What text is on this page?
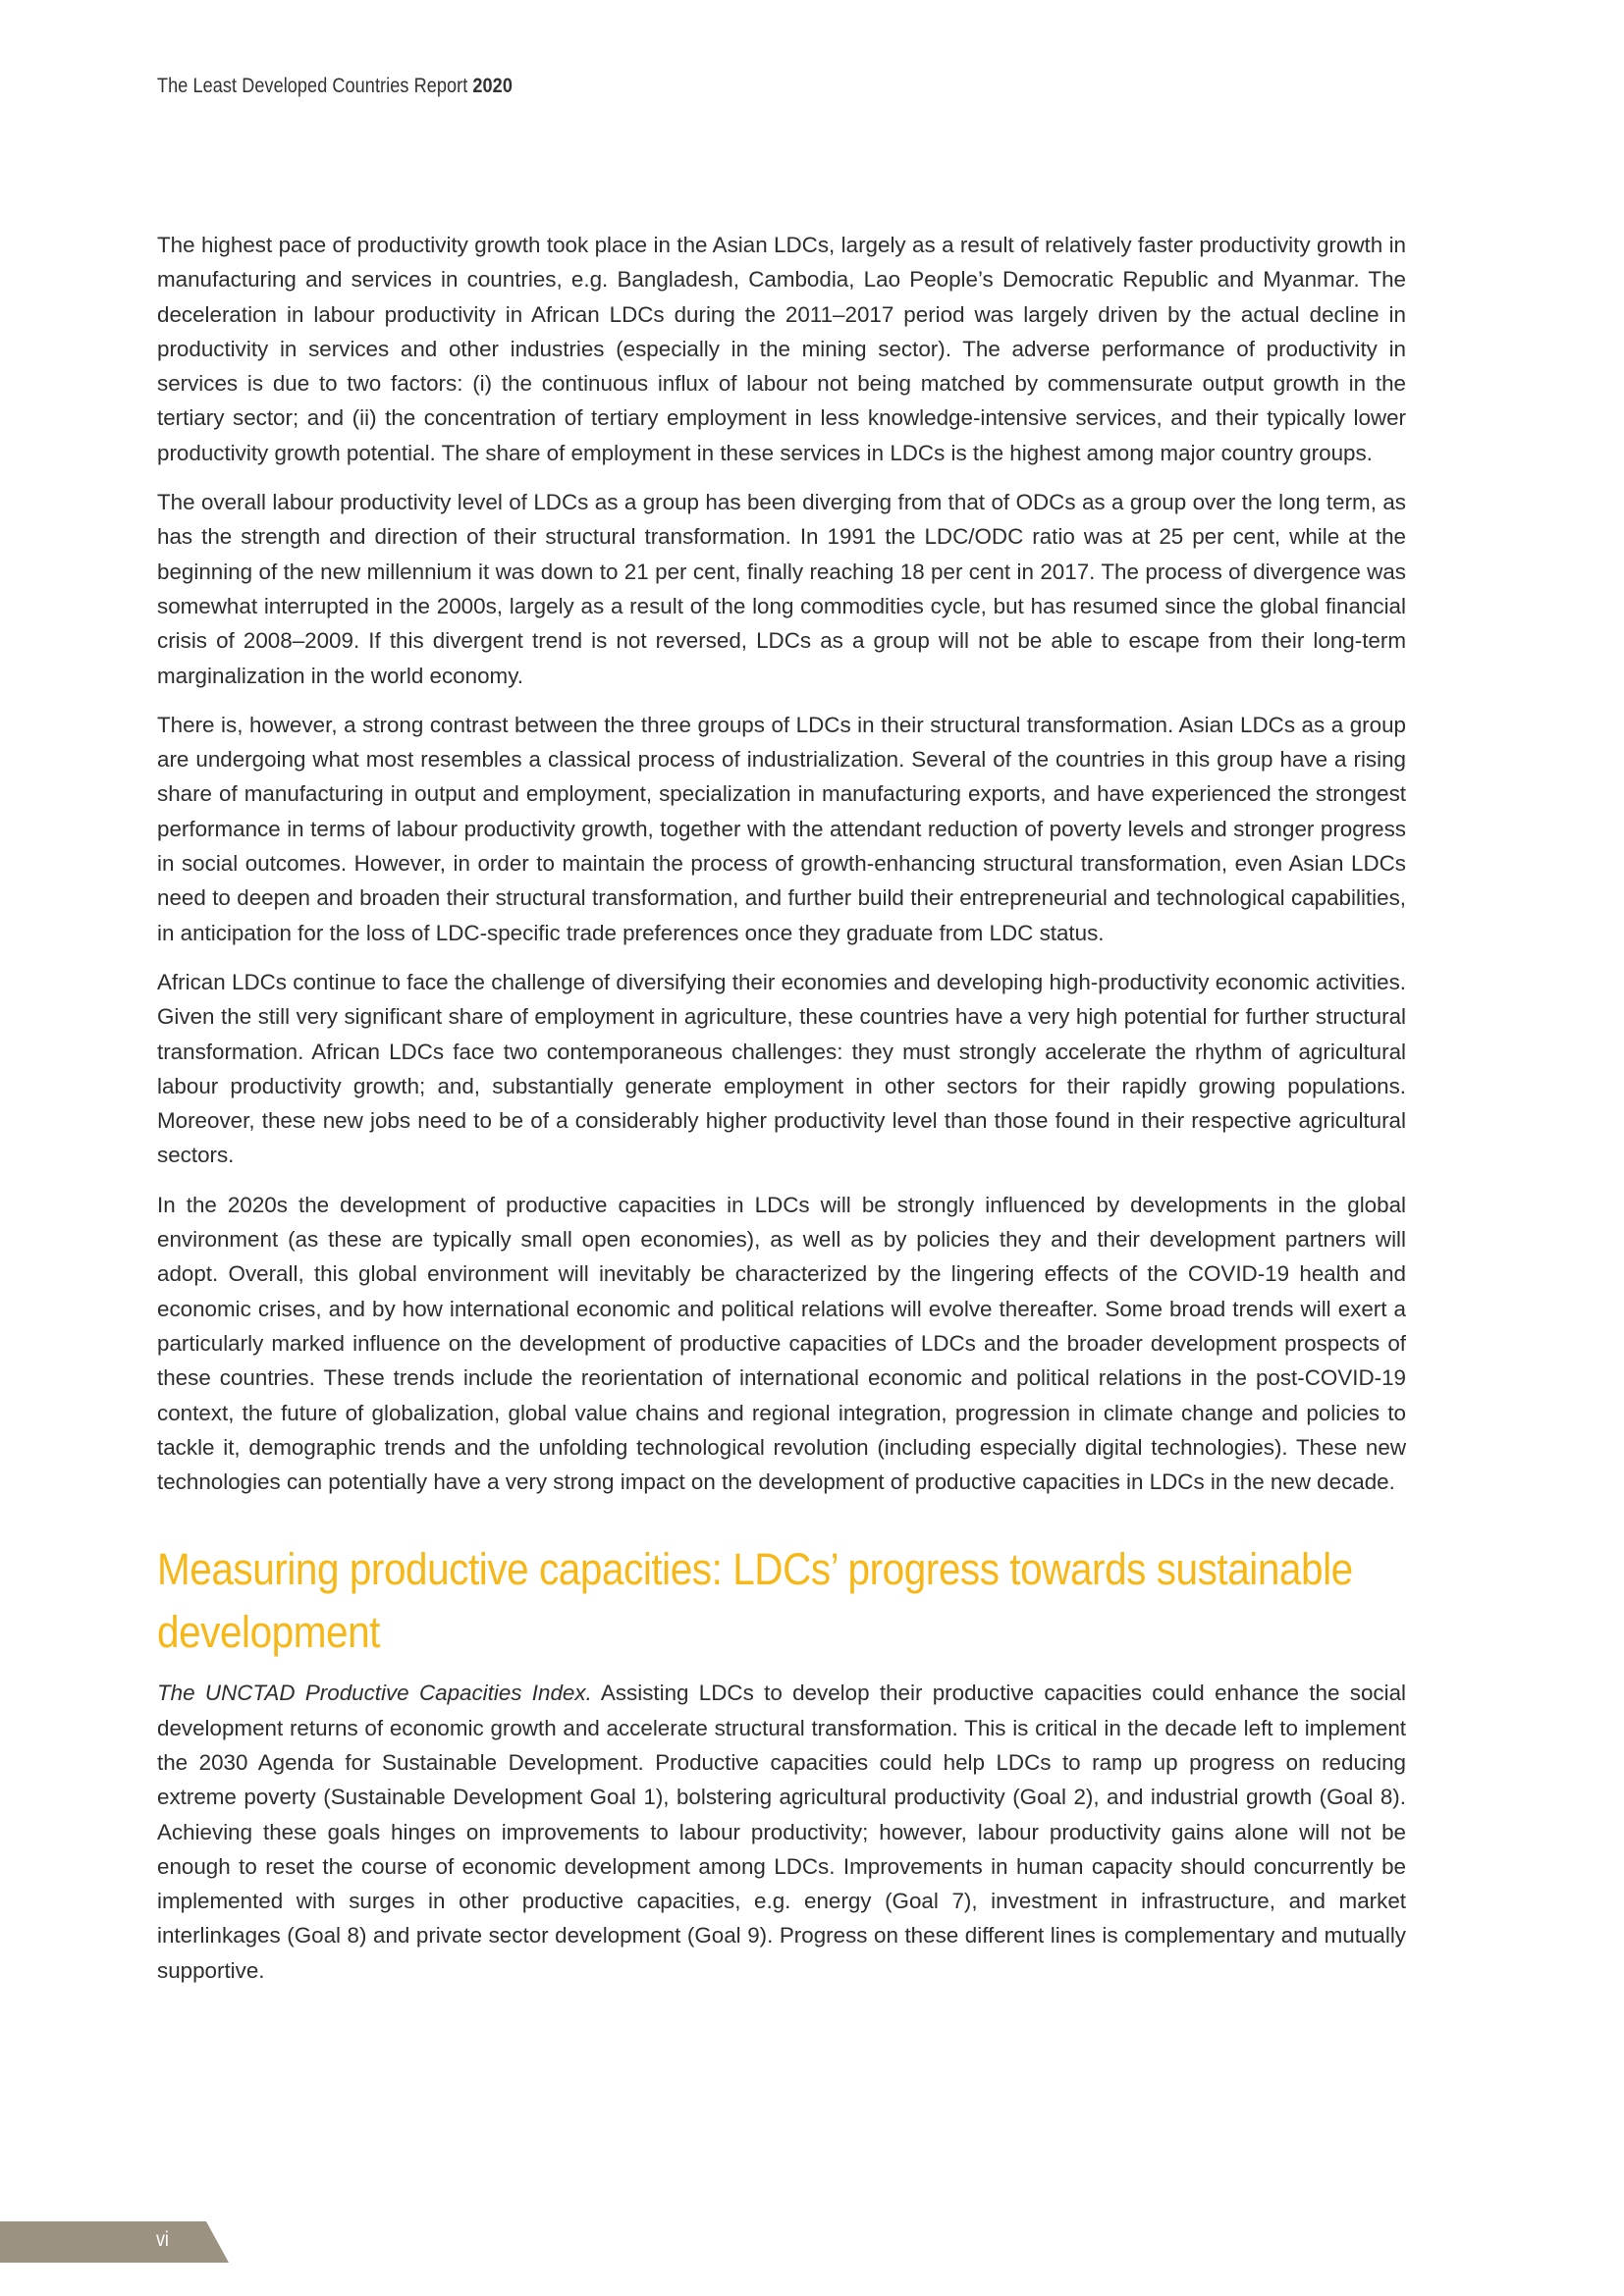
The Least Developed Countries Report 2020

The highest pace of productivity growth took place in the Asian LDCs, largely as a result of relatively faster productivity growth in manufacturing and services in countries, e.g. Bangladesh, Cambodia, Lao People’s Democratic Republic and Myanmar. The deceleration in labour productivity in African LDCs during the 2011–2017 period was largely driven by the actual decline in productivity in services and other industries (especially in the mining sector). The adverse performance of productivity in services is due to two factors: (i) the continuous influx of labour not being matched by commensurate output growth in the tertiary sector; and (ii) the concentration of tertiary employment in less knowledge-intensive services, and their typically lower productivity growth potential. The share of employment in these services in LDCs is the highest among major country groups.

The overall labour productivity level of LDCs as a group has been diverging from that of ODCs as a group over the long term, as has the strength and direction of their structural transformation. In 1991 the LDC/ODC ratio was at 25 per cent, while at the beginning of the new millennium it was down to 21 per cent, finally reaching 18 per cent in 2017. The process of divergence was somewhat interrupted in the 2000s, largely as a result of the long commodities cycle, but has resumed since the global financial crisis of 2008–2009. If this divergent trend is not reversed, LDCs as a group will not be able to escape from their long-term marginalization in the world economy.

There is, however, a strong contrast between the three groups of LDCs in their structural transformation. Asian LDCs as a group are undergoing what most resembles a classical process of industrialization. Several of the countries in this group have a rising share of manufacturing in output and employment, specialization in manufacturing exports, and have experienced the strongest performance in terms of labour productivity growth, together with the attendant reduction of poverty levels and stronger progress in social outcomes. However, in order to maintain the process of growth-enhancing structural transformation, even Asian LDCs need to deepen and broaden their structural transformation, and further build their entrepreneurial and technological capabilities, in anticipation for the loss of LDC-specific trade preferences once they graduate from LDC status.

African LDCs continue to face the challenge of diversifying their economies and developing high-productivity economic activities. Given the still very significant share of employment in agriculture, these countries have a very high potential for further structural transformation. African LDCs face two contemporaneous challenges: they must strongly accelerate the rhythm of agricultural labour productivity growth; and, substantially generate employment in other sectors for their rapidly growing populations. Moreover, these new jobs need to be of a considerably higher productivity level than those found in their respective agricultural sectors.

In the 2020s the development of productive capacities in LDCs will be strongly influenced by developments in the global environment (as these are typically small open economies), as well as by policies they and their development partners will adopt. Overall, this global environment will inevitably be characterized by the lingering effects of the COVID-19 health and economic crises, and by how international economic and political relations will evolve thereafter. Some broad trends will exert a particularly marked influence on the development of productive capacities of LDCs and the broader development prospects of these countries. These trends include the reorientation of international economic and political relations in the post-COVID-19 context, the future of globalization, global value chains and regional integration, progression in climate change and policies to tackle it, demographic trends and the unfolding technological revolution (including especially digital technologies). These new technologies can potentially have a very strong impact on the development of productive capacities in LDCs in the new decade.

Measuring productive capacities: LDCs’ progress towards sustainable development

The UNCTAD Productive Capacities Index. Assisting LDCs to develop their productive capacities could enhance the social development returns of economic growth and accelerate structural transformation. This is critical in the decade left to implement the 2030 Agenda for Sustainable Development. Productive capacities could help LDCs to ramp up progress on reducing extreme poverty (Sustainable Development Goal 1), bolstering agricultural productivity (Goal 2), and industrial growth (Goal 8). Achieving these goals hinges on improvements to labour productivity; however, labour productivity gains alone will not be enough to reset the course of economic development among LDCs. Improvements in human capacity should concurrently be implemented with surges in other productive capacities, e.g. energy (Goal 7), investment in infrastructure, and market interlinkages (Goal 8) and private sector development (Goal 9). Progress on these different lines is complementary and mutually supportive.

vi
